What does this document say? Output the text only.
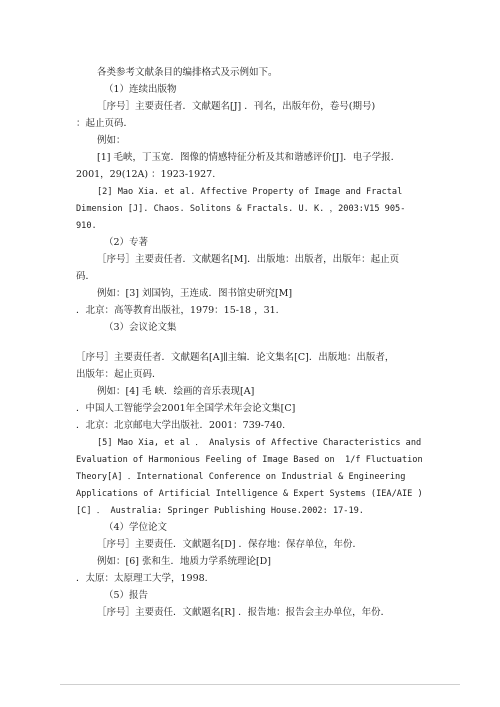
各类参考文献条目的编排格式及示例如下。

（1）连续出版物

［序号］主要责任者．文献题名[J] ．刊名，出版年份，卷号(期号)

：起止页码．

例如：

[1] 毛峡，丁玉宽．图像的情感特征分析及其和谐感评价[J]．电子学报．

2001，29(12A) ：1923-1927.

[2] Mao Xia. et al. Affective Property of Image and Fractal

Dimension [J]. Chaos. Solitons & Fractals. U. K. ，2003:V15 905-

910.

（2）专著

［序号］主要责任者．文献题名[M]．出版地：出版者，出版年：起止页

码．

例如：[3] 刘国钧，王连成．图书馆史研究[M]

．北京：高等教育出版社，1979：15-18 ，31.

（3）会议论文集

［序号］主要责任者．文献题名[A]∥主编．论文集名[C]．出版地：出版者，

出版年：起止页码．

例如：[4] 毛 峡．绘画的音乐表现[A]

．中国人工智能学会2001年全国学术年会论文集[C]

．北京：北京邮电大学出版社．2001：739-740.

[5] Mao Xia, et al ． Analysis of Affective Characteristics and

Evaluation of Harmonious Feeling of Image Based on  1/f Fluctuation

Theory[A] ．International Conference on Industrial & Engineering

Applications of Artificial Intelligence & Expert Systems (IEA/AIE )

[C] ． Australia: Springer Publishing House.2002: 17-19.

（4）学位论文

［序号］主要责任．文献题名[D] ．保存地：保存单位，年份．

例如：[6] 张和生．地质力学系统理论[D]

．太原：太原理工大学，1998.

（5）报告

［序号］主要责任．文献题名[R] ．报告地：报告会主办单位，年份．
